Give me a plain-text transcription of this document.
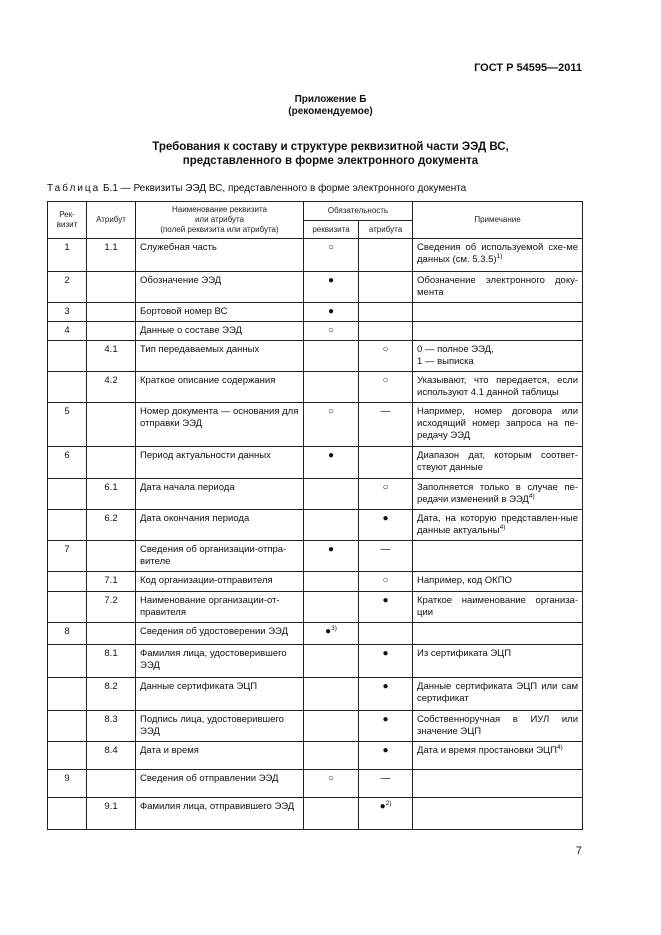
ГОСТ Р 54595—2011
Приложение Б
(рекомендуемое)
Требования к составу и структуре реквизитной части ЭЭД ВС,
представленного в форме электронного документа
Таблица Б.1 — Реквизиты ЭЭД ВС, представленного в форме электронного документа
Рек-визит	Атрибут	Наименование реквизита
или атрибута
(полей реквизита или атрибута)	Обязательность		Примечание
			реквизита	атрибута	
1	1.1	Служебная часть	○		Сведения об используемой схе-ме данных (см. 5.3.5)$^{1)}$
2		Обозначение ЭЭД	●		Обозначение электронного доку-мента
3		Бортовой номер ВС	●		
4		Данные о составе ЭЭД	○		
	4.1	Тип передаваемых данных		○	0 — полное ЭЭД,
1 — выписка
	4.2	Краткое описание содержания		○	Указывают, что передается, если используют 4.1 данной таблицы
5		Номер документа — основания для отправки ЭЭД	○	—	Например, номер договора или исходящий номер запроса на пе-редачу ЭЭД
6		Период актуальности данных	●		Диапазон дат, которым соответ-ствуют данные
	6.1	Дата начала периода		○	Заполняется только в случае пе-редачи изменений в ЭЭД$^{4)}$
	6.2	Дата окончания периода		●	Дата, на которую представлен-ные данные актуальны$^{4)}$
7		Сведения об организации-отпра-вителе	●	—	
	7.1	Код организации-отправителя		○	Например, код ОКПО
	7.2	Наименование организации-от-правителя		●	Краткое наименование организа-ции
8		Сведения об удостоверении ЭЭД	●$^{3)}$		
	8.1	Фамилия лица, удостоверившего ЭЭД		●	Из сертификата ЭЦП
	8.2	Данные сертификата ЭЦП		●	Данные сертификата ЭЦП или сам сертификат
	8.3	Подпись лица, удостоверившего ЭЭД		●	Собственноручная в ИУЛ или значение ЭЦП
	8.4	Дата и время		●	Дата и время простановки ЭЦП$^{4)}$
9		Сведения об отправлении ЭЭД	○	—	
	9.1	Фамилия лица, отправившего ЭЭД		●$^{2)}$	
7
